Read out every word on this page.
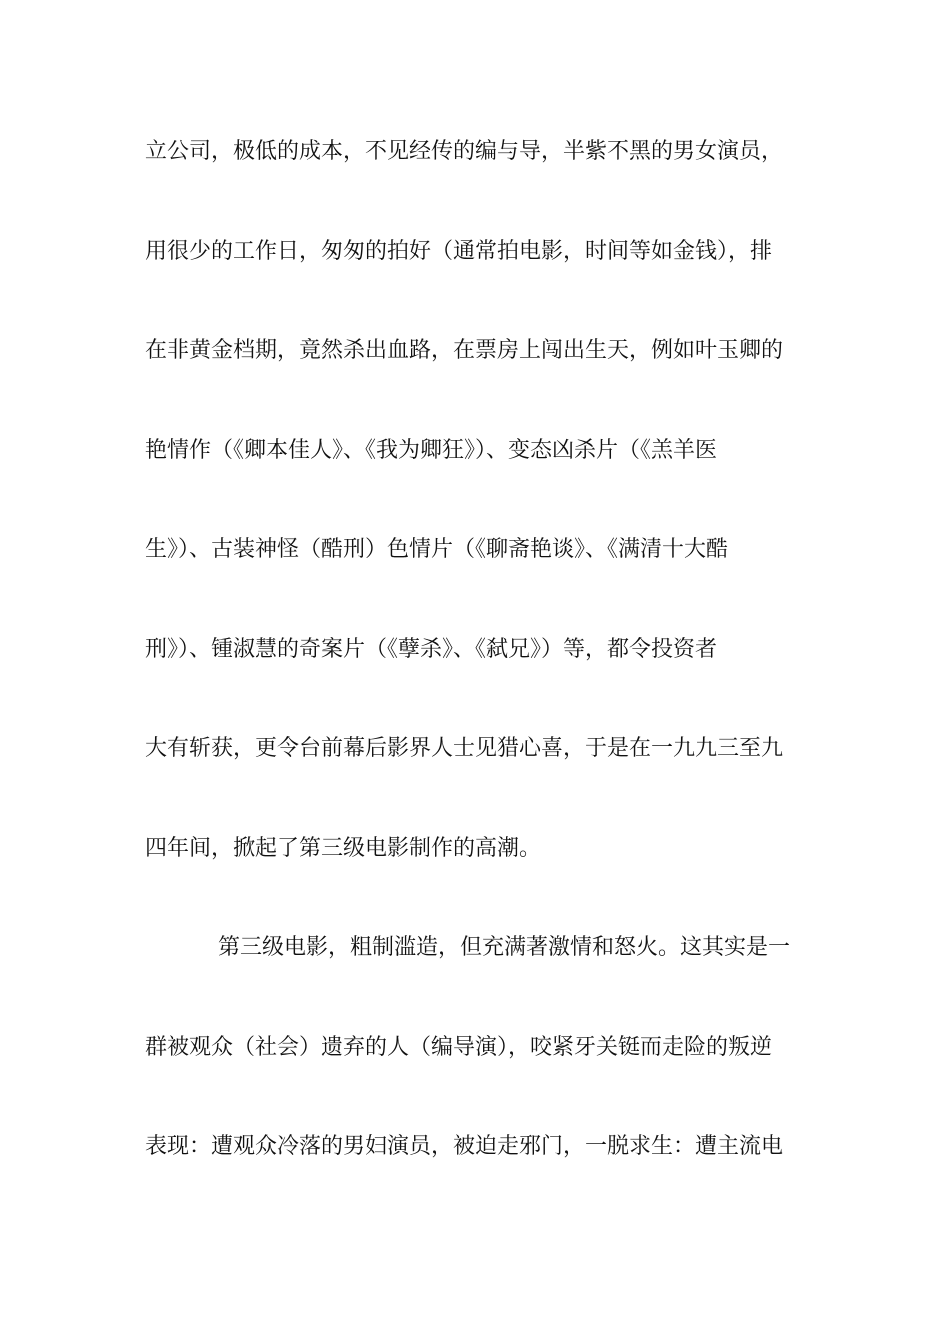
立公司，极低的成本，不见经传的编与导，半紫不黑的男女演员，

用很少的工作日，匆匆的拍好（通常拍电影，时间等如金钱），排

在非黄金档期，竟然杀出血路，在票房上闯出生天，例如叶玉卿的

艳情作（《卿本佳人》、《我为卿狂》）、变态凶杀片（《羔羊医

生》）、古装神怪（酷刑）色情片（《聊斋艳谈》、《满清十大酷

刑》）、锺淑慧的奇案片（《孽杀》、《弑兄》）等，都令投资者

大有斩获，更令台前幕后影界人士见猎心喜，于是在一九九三至九

四年间，掀起了第三级电影制作的高潮。

第三级电影，粗制滥造，但充满著激情和怒火。这其实是一

群被观众（社会）遗弃的人（编导演），咬紧牙关铤而走险的叛逆

表现：遭观众冷落的男妇演员，被迫走邪门，一脱求生：遭主流电
